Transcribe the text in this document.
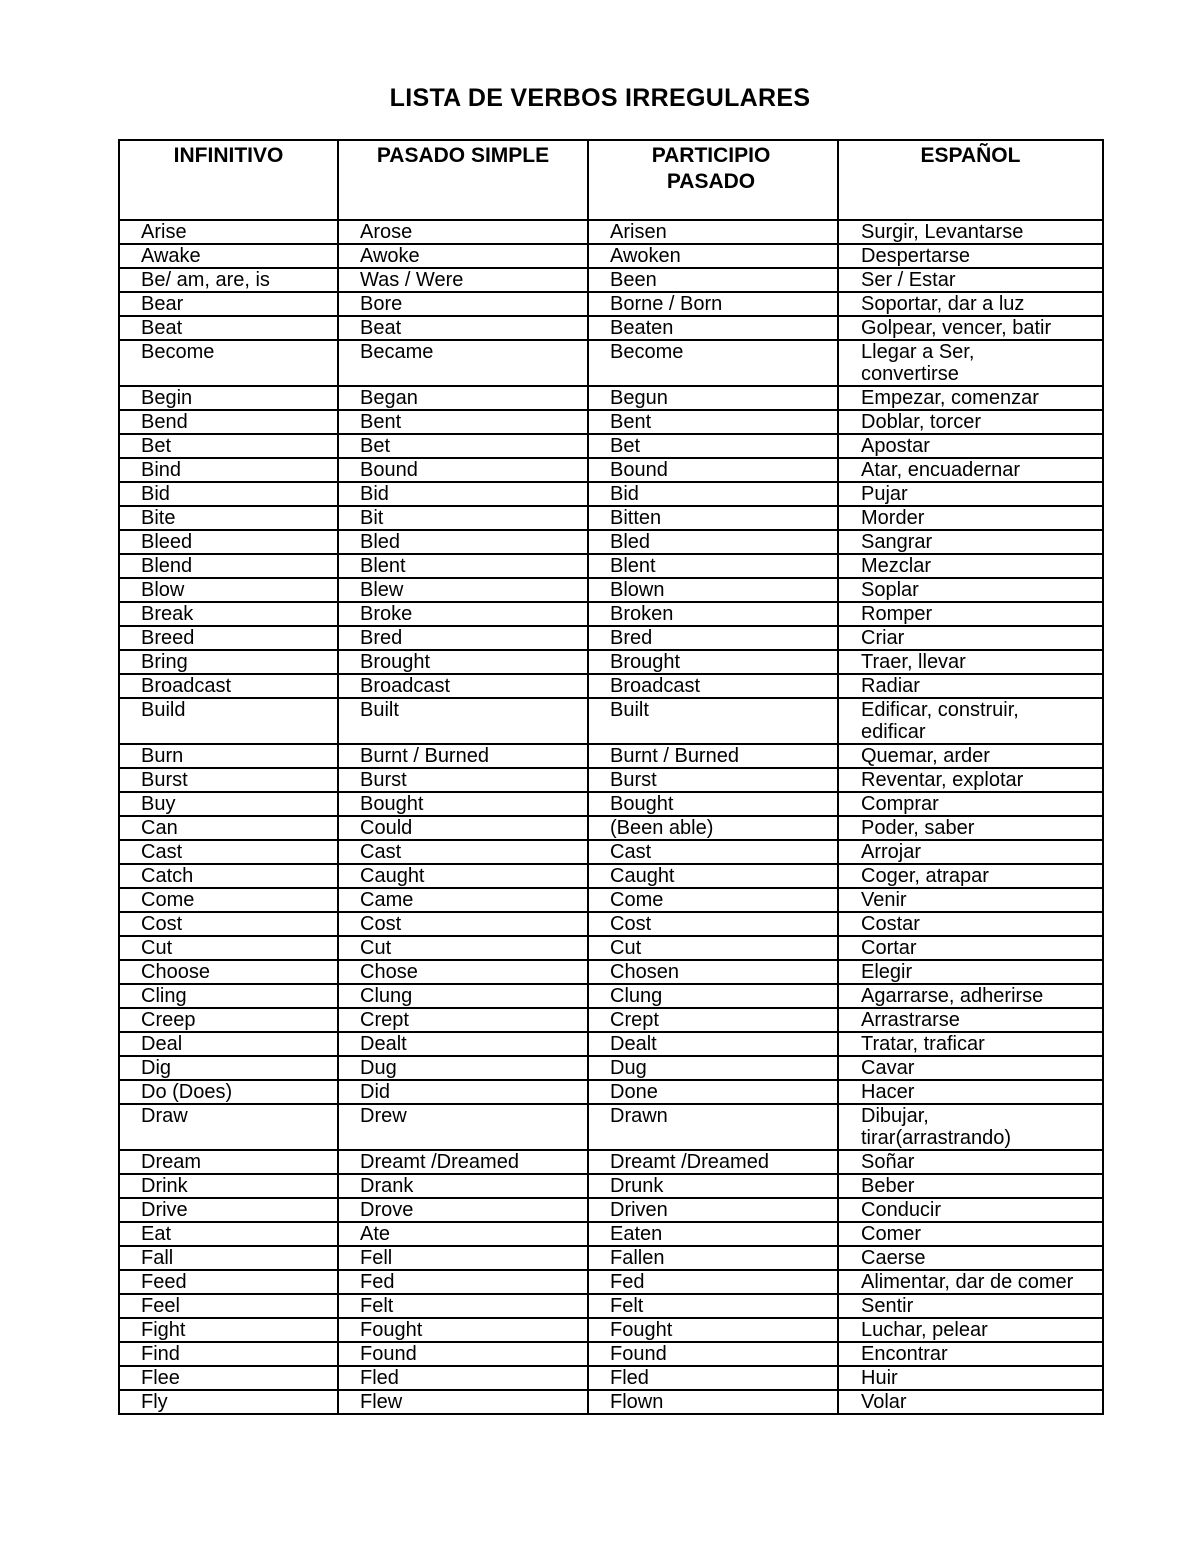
LISTA DE VERBOS IRREGULARES
INFINITIVO	PASADO SIMPLE	PARTICIPIO PASADO	ESPAÑOL

Arise	Arose	Arisen	Surgir, Levantarse
Awake	Awoke	Awoken	Despertarse
Be/ am, are, is	Was / Were	Been	Ser / Estar
Bear	Bore	Borne / Born	Soportar, dar a luz
Beat	Beat	Beaten	Golpear, vencer, batir
Become	Became	Become	Llegar a Ser, convertirse
Begin	Began	Begun	Empezar, comenzar
Bend	Bent	Bent	Doblar, torcer
Bet	Bet	Bet	Apostar
Bind	Bound	Bound	Atar, encuadernar
Bid	Bid	Bid	Pujar
Bite	Bit	Bitten	Morder
Bleed	Bled	Bled	Sangrar
Blend	Blent	Blent	Mezclar
Blow	Blew	Blown	Soplar
Break	Broke	Broken	Romper
Breed	Bred	Bred	Criar
Bring	Brought	Brought	Traer, llevar
Broadcast	Broadcast	Broadcast	Radiar
Build	Built	Built	Edificar, construir, edificar
Burn	Burnt / Burned	Burnt / Burned	Quemar, arder
Burst	Burst	Burst	Reventar, explotar
Buy	Bought	Bought	Comprar
Can	Could	(Been able)	Poder, saber
Cast	Cast	Cast	Arrojar
Catch	Caught	Caught	Coger, atrapar
Come	Came	Come	Venir
Cost	Cost	Cost	Costar
Cut	Cut	Cut	Cortar
Choose	Chose	Chosen	Elegir
Cling	Clung	Clung	Agarrarse, adherirse
Creep	Crept	Crept	Arrastrarse
Deal	Dealt	Dealt	Tratar, traficar
Dig	Dug	Dug	Cavar
Do (Does)	Did	Done	Hacer
Draw	Drew	Drawn	Dibujar, tirar(arrastrando)
Dream	Dreamt /Dreamed	Dreamt /Dreamed	Soñar
Drink	Drank	Drunk	Beber
Drive	Drove	Driven	Conducir
Eat	Ate	Eaten	Comer
Fall	Fell	Fallen	Caerse
Feed	Fed	Fed	Alimentar, dar de comer
Feel	Felt	Felt	Sentir
Fight	Fought	Fought	Luchar, pelear
Find	Found	Found	Encontrar
Flee	Fled	Fled	Huir
Fly	Flew	Flown	Volar
